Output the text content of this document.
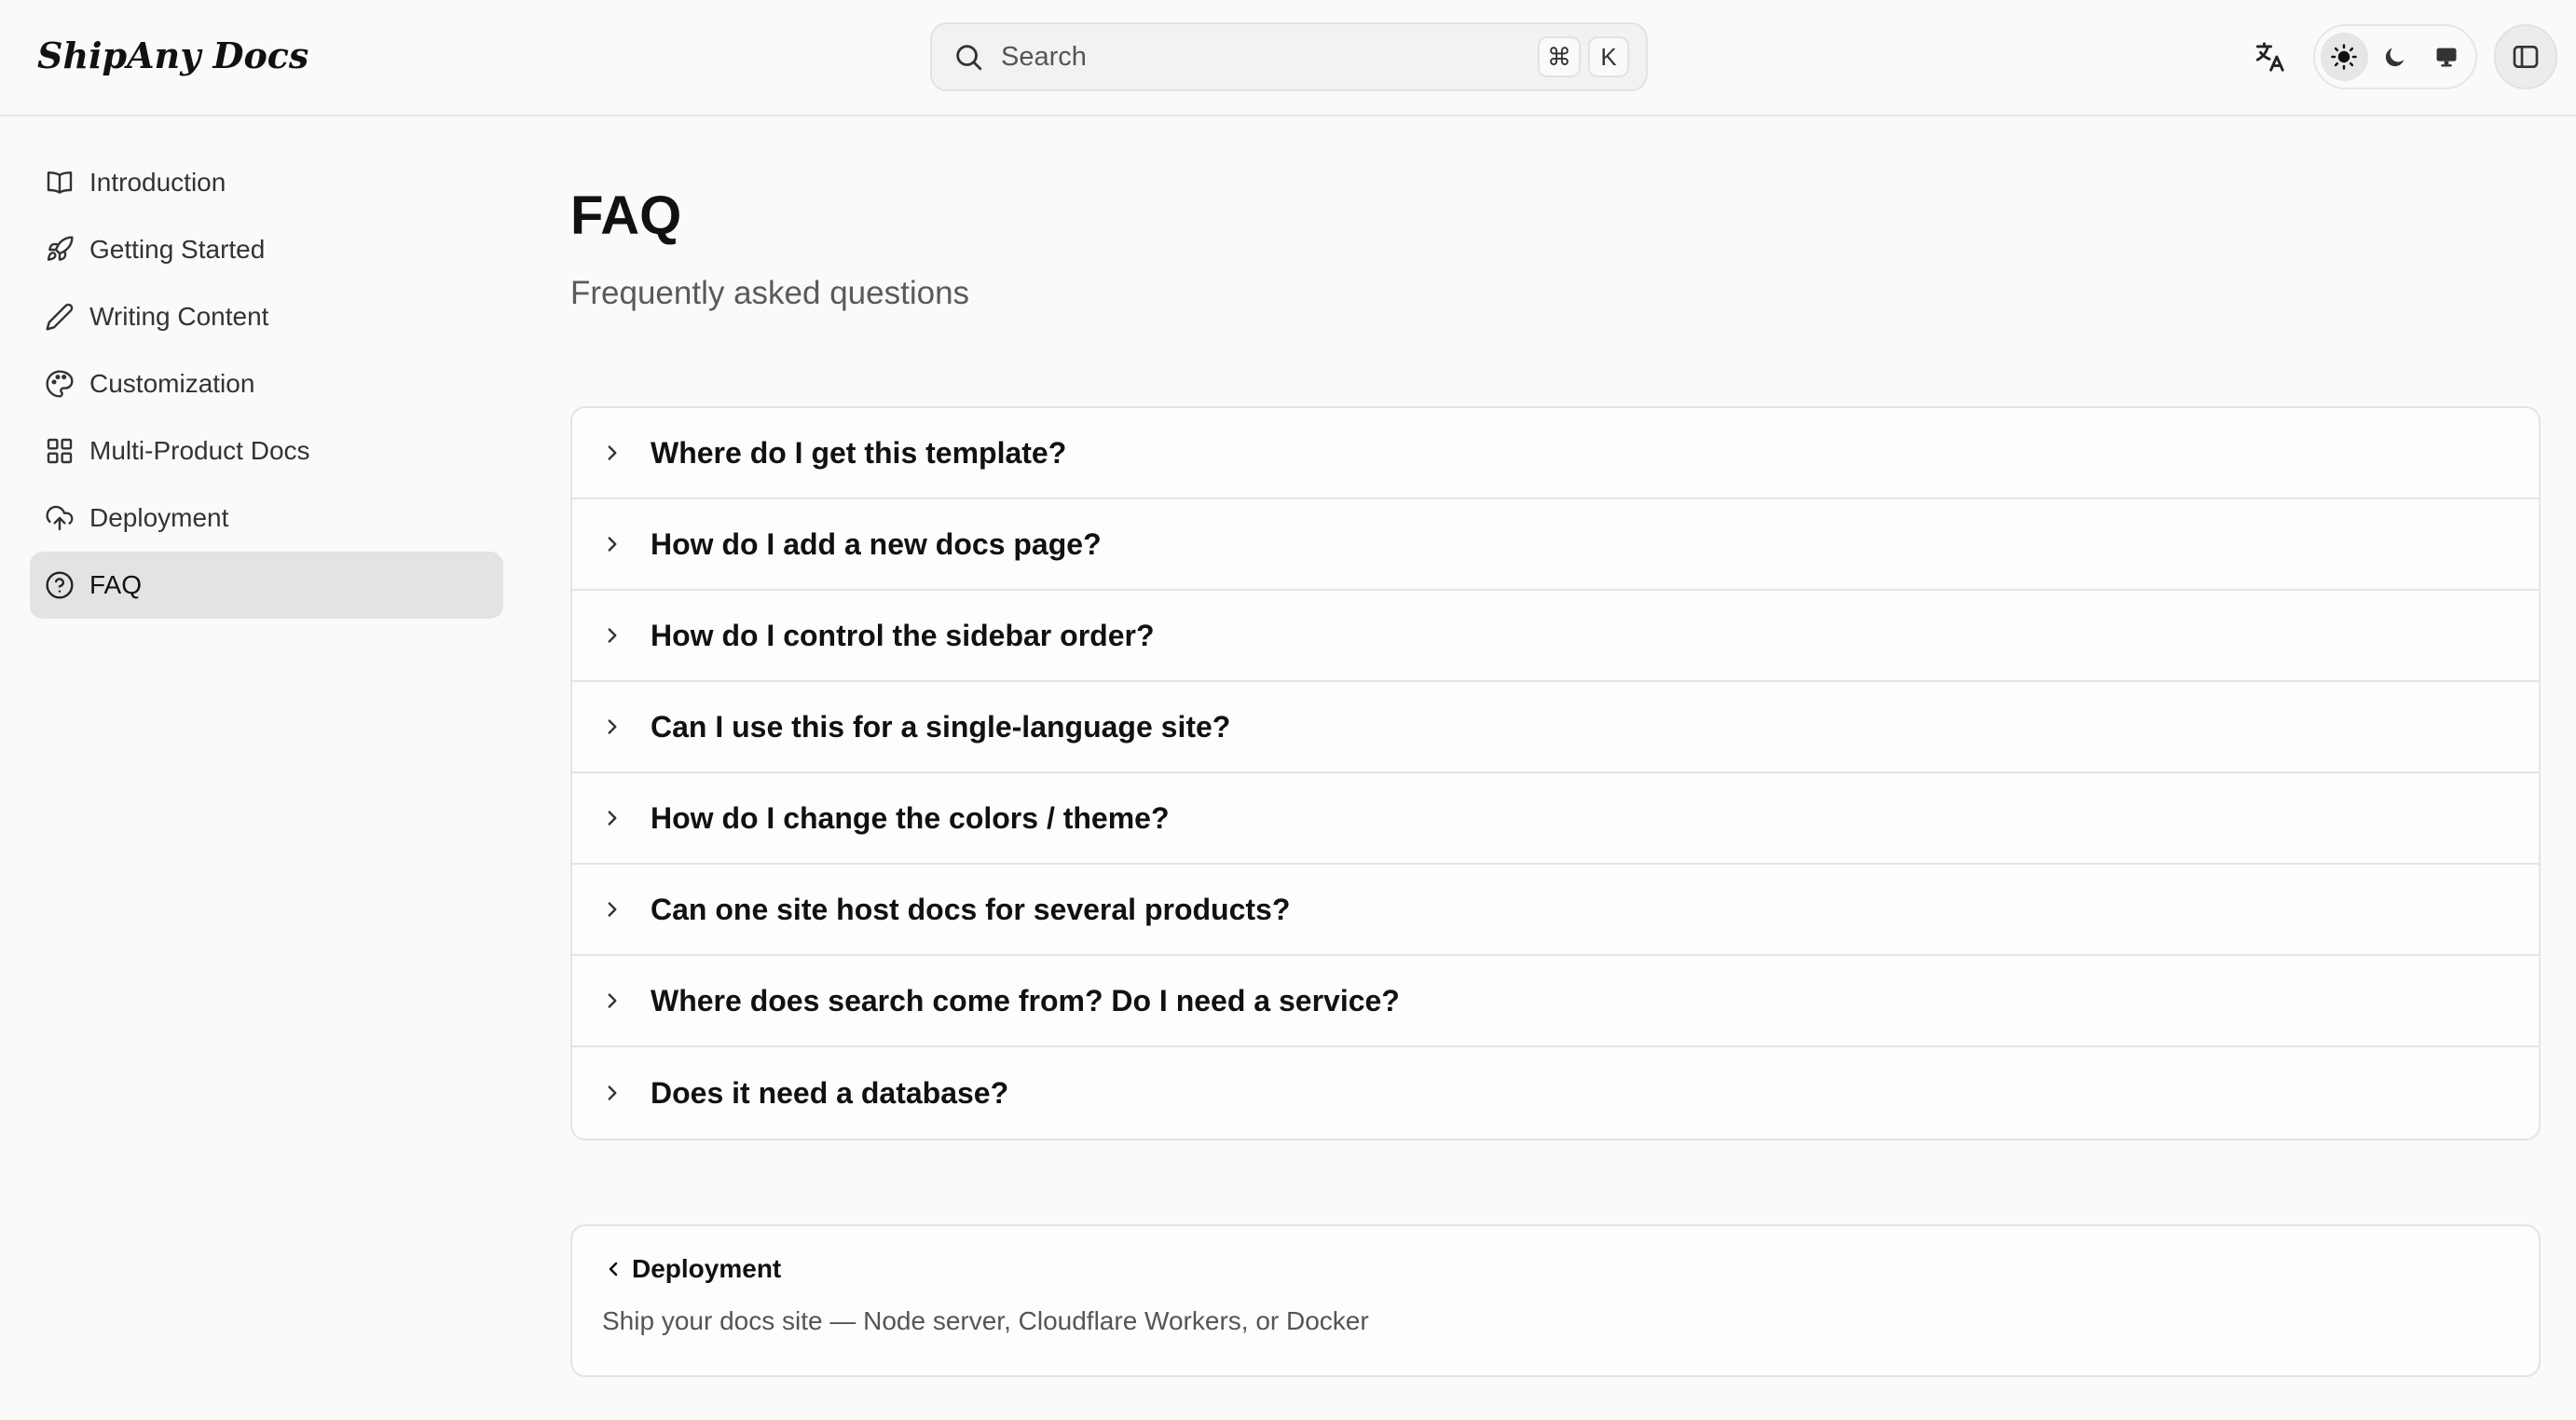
ShipAny Docs	Search	⌘	K
Introduction
Getting Started
Writing Content
Customization
Multi-Product Docs
Deployment
FAQ
FAQ

Frequently asked questions

Where do I get this template?
How do I add a new docs page?
How do I control the sidebar order?
Can I use this for a single-language site?
How do I change the colors / theme?
Can one site host docs for several products?
Where does search come from? Do I need a service?
Does it need a database?
Deployment
Ship your docs site — Node server, Cloudflare Workers, or Docker
